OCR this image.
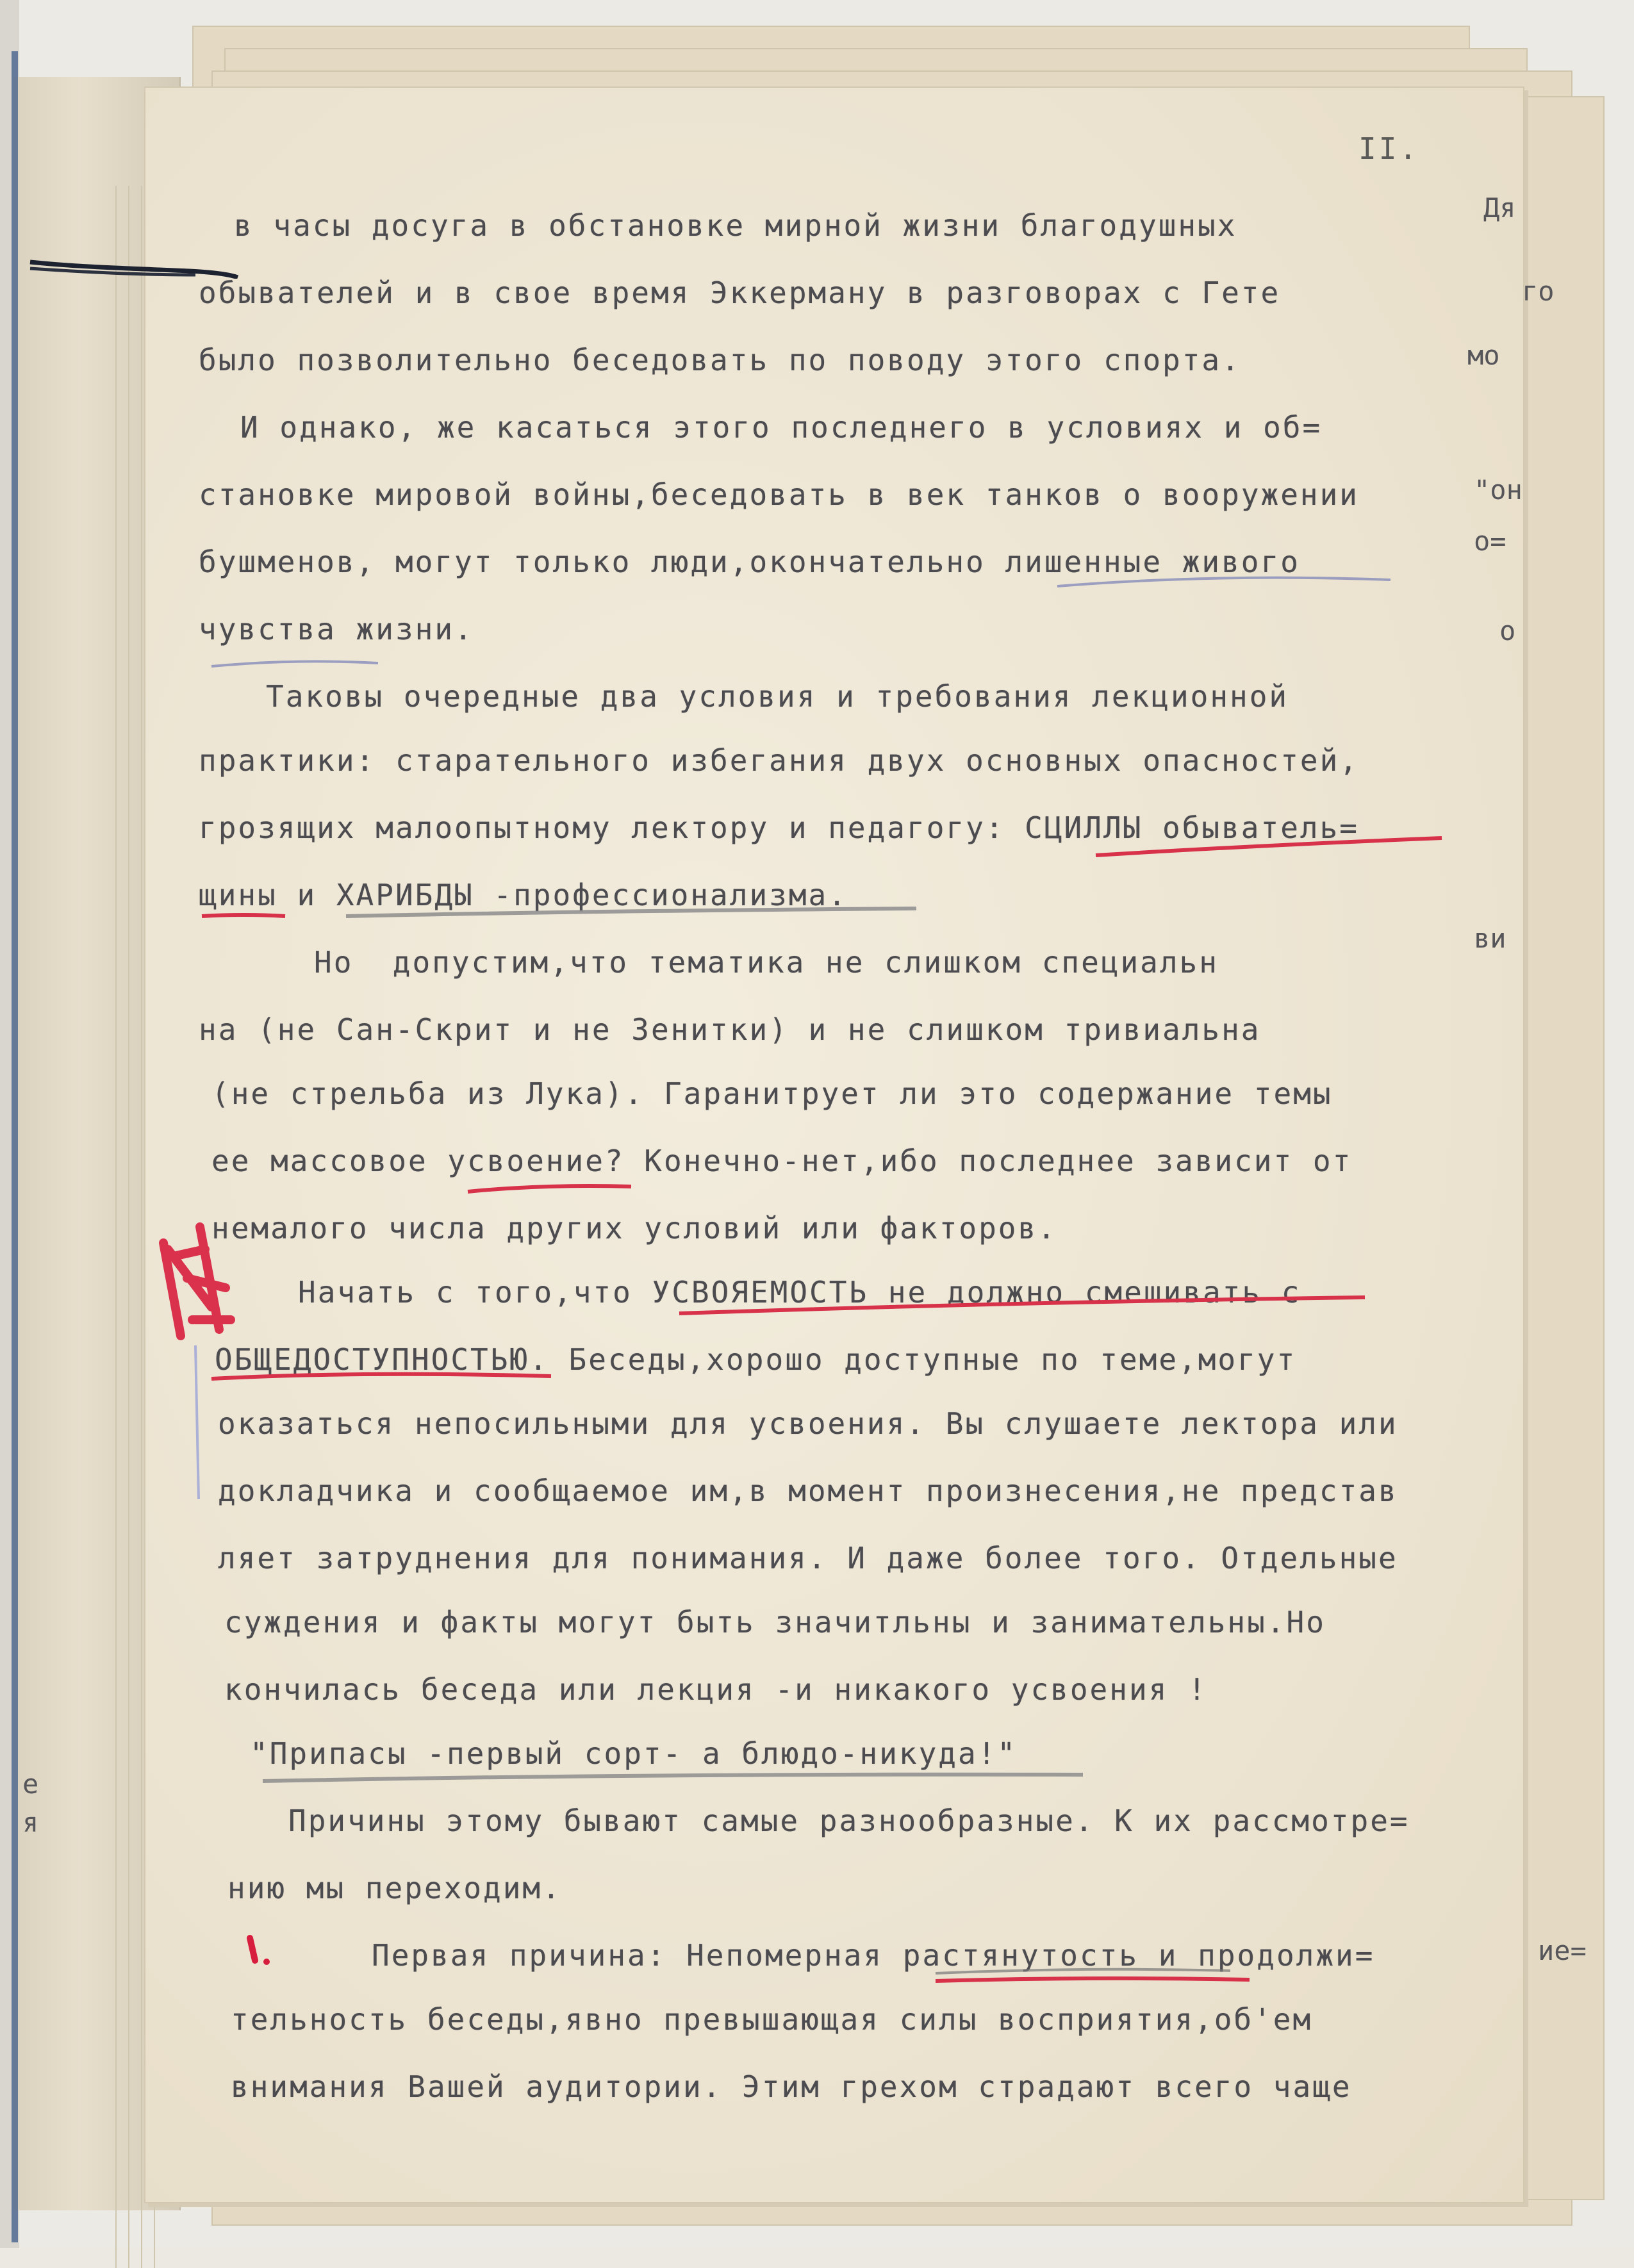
Дя
го
мо
"он
о=
о
ви
е
я
ие=
II.
в часы досуга в обстановке мирной жизни благодушных
обывателей и в свое время Эккерману в разговорах с Гете
было позволительно беседовать по поводу этого спорта.
И однако, же касаться этого последнего в условиях и об=
становке мировой войны,беседовать в век танков о вооружении
бушменов, могут только люди,окончательно лишенные живого
чувства жизни.
Таковы очередные два условия и требования лекционной
практики: старательного избегания двух основных опасностей,
грозящих малоопытному лектору и педагогу: СЦИЛЛЫ обыватель=
щины и ХАРИБДЫ -профессионализма.
Но  допустим,что тематика не слишком специальн
на (не Сан-Скрит и не Зенитки) и не слишком тривиальна
(не стрельба из Лука). Гаранитрует ли это содержание темы
ее массовое усвоение? Конечно-нет,ибо последнее зависит от
немалого числа других условий или факторов.
Начать с того,что УСВОЯЕМОСТЬ не должно смешивать с
ОБЩЕДОСТУПНОСТЬЮ. Беседы,хорошо доступные по теме,могут
оказаться непосильными для усвоения. Вы слушаете лектора или
докладчика и сообщаемое им,в момент произнесения,не представ
ляет затруднения для понимания. И даже более того. Отдельные
суждения и факты могут быть значитльны и занимательны.Но
кончилась беседа или лекция -и никакого усвоения !
"Припасы -первый сорт- а блюдо-никуда!"
Причины этому бывают самые разнообразные. К их рассмотре=
нию мы переходим.
Первая причина: Непомерная растянутость и продолжи=
тельность беседы,явно превышающая силы восприятия,об'ем
внимания Вашей аудитории. Этим грехом страдают всего чаще
